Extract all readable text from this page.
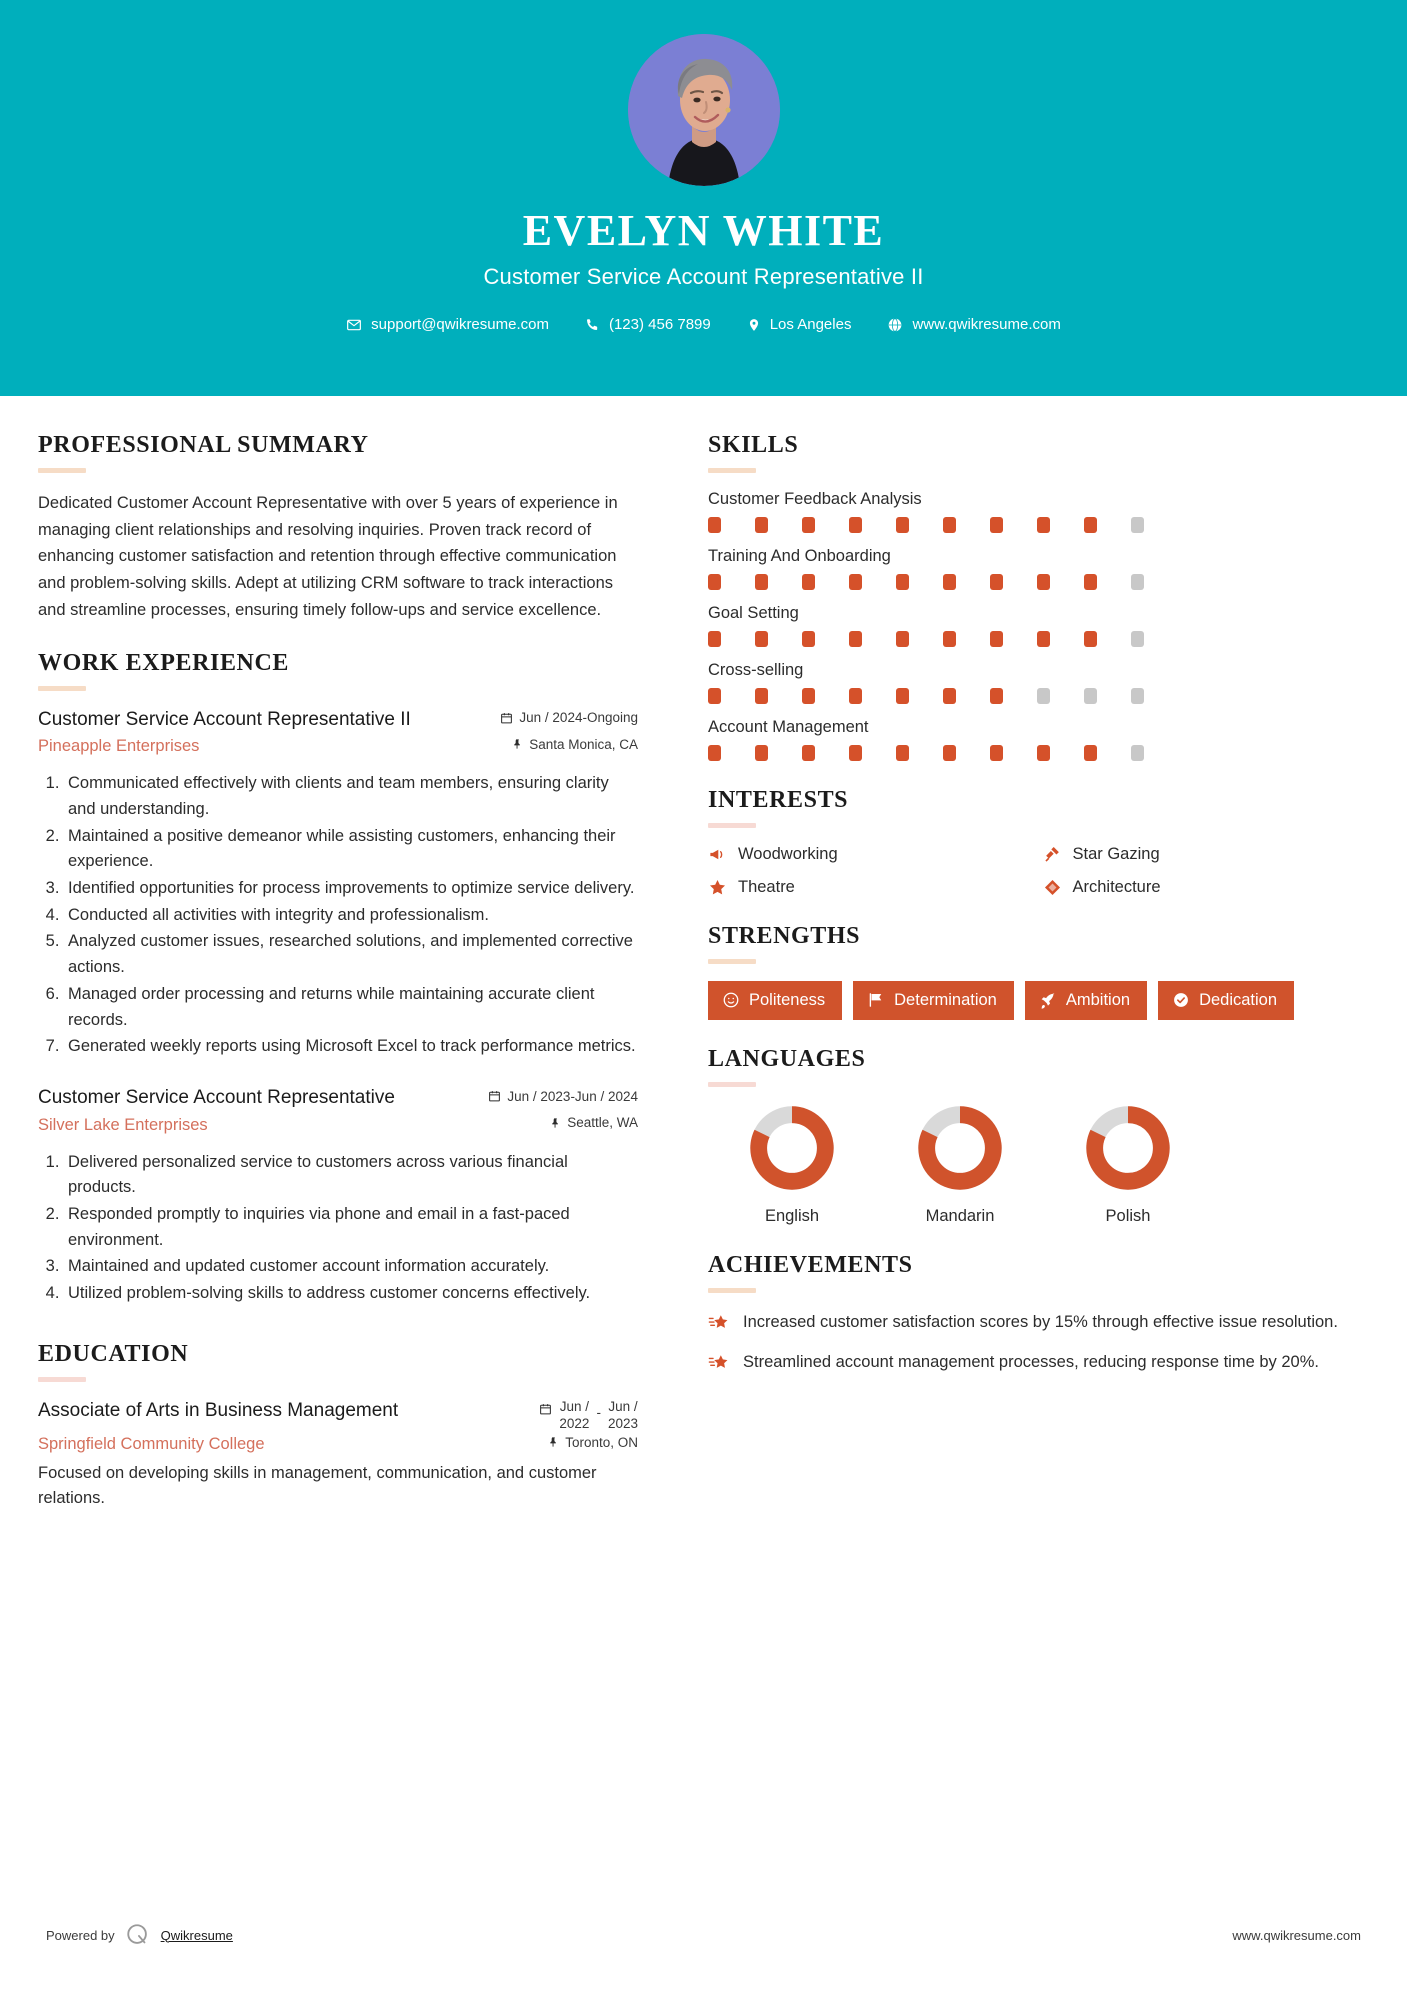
EVELYN WHITE
Customer Service Account Representative II
support@qwikresume.com	(123) 456 7899	Los Angeles	www.qwikresume.com
PROFESSIONAL SUMMARY
Dedicated Customer Account Representative with over 5 years of experience in managing client relationships and resolving inquiries. Proven track record of enhancing customer satisfaction and retention through effective communication and problem-solving skills. Adept at utilizing CRM software to track interactions and streamline processes, ensuring timely follow-ups and service excellence.
WORK EXPERIENCE
Customer Service Account Representative II	Jun / 2024-Ongoing
Pineapple Enterprises	Santa Monica, CA
1. Communicated effectively with clients and team members, ensuring clarity and understanding.
2. Maintained a positive demeanor while assisting customers, enhancing their experience.
3. Identified opportunities for process improvements to optimize service delivery.
4. Conducted all activities with integrity and professionalism.
5. Analyzed customer issues, researched solutions, and implemented corrective actions.
6. Managed order processing and returns while maintaining accurate client records.
7. Generated weekly reports using Microsoft Excel to track performance metrics.
Customer Service Account Representative	Jun / 2023-Jun / 2024
Silver Lake Enterprises	Seattle, WA
1. Delivered personalized service to customers across various financial products.
2. Responded promptly to inquiries via phone and email in a fast-paced environment.
3. Maintained and updated customer account information accurately.
4. Utilized problem-solving skills to address customer concerns effectively.
EDUCATION
Associate of Arts in Business Management	Jun /
2022
- Jun /
2023
Springfield Community College	Toronto, ON
Focused on developing skills in management, communication, and customer relations.
SKILLS
Customer Feedback Analysis
Training And Onboarding
Goal Setting
Cross-selling
Account Management
INTERESTS
Woodworking	Star Gazing
Theatre	Architecture
STRENGTHS
Politeness	Determination	Ambition	Dedication
LANGUAGES
English	Mandarin	Polish
ACHIEVEMENTS
Increased customer satisfaction scores by 15% through effective issue resolution.
Streamlined account management processes, reducing response time by 20%.
Powered by	Qwikresume	www.qwikresume.com
